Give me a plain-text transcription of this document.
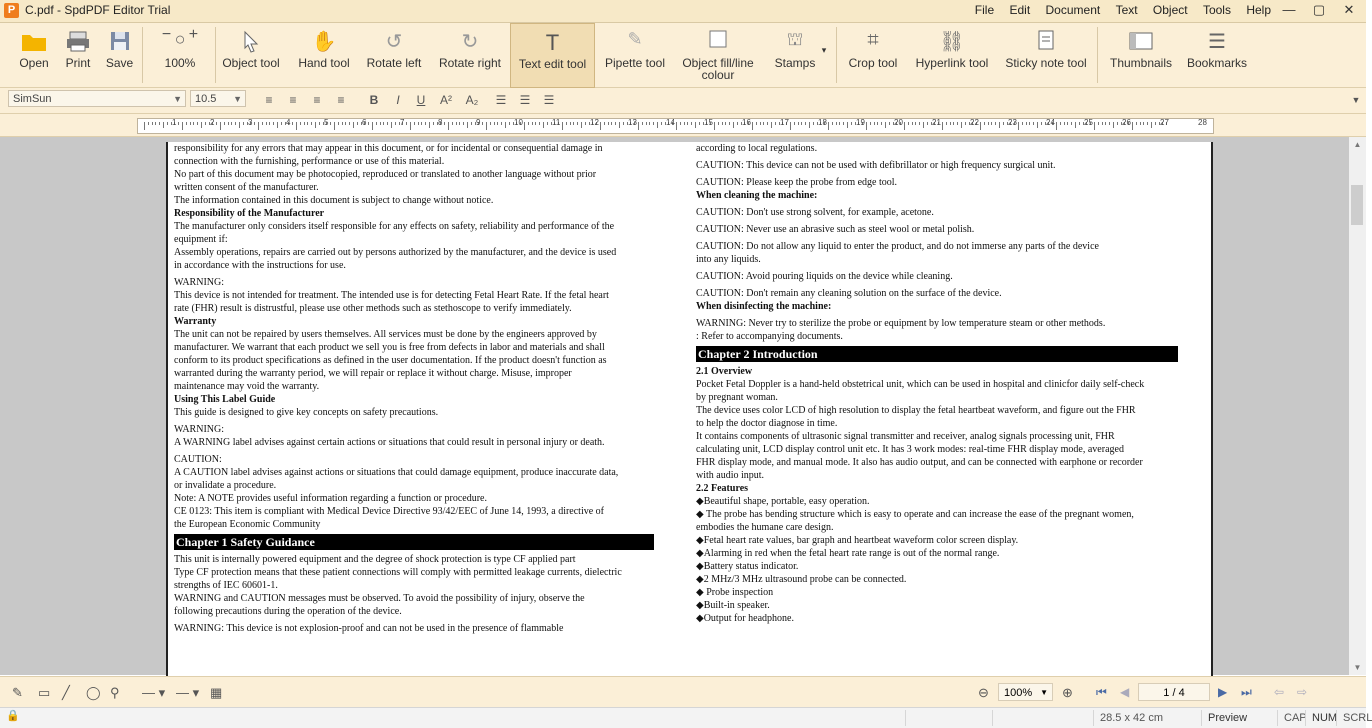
P C.pdf - SpdPDF Editor Trial	File Edit Document Text Object Tools Help —	▢	✕
Open	Print	Save
− ○ +
100%	Object tool
✋
Hand tool
↺
Rotate left
↻
Rotate right
T
Text edit tool
✎
Pipette tool Object fill/line
colour
⛫
Stamps
▾	⌗
Crop tool
⛓
Hyperlink tool	Sticky note tool Thumbnails
☰
Bookmarks
SimSun	▼	10.5 ▼	≡	≡	≡	≡	B	I	U	A²	A₂	☰	☰	☰	▼
1	2	3	4	5	6	7	8	9	10	11	12	13	14	15	16	17	18	19	20	21	22	23	24	25	26	27	28

responsibility for any errors that may appear in this document, or for incidental or consequential damage in

connection with the furnishing, performance or use of this material.

No part of this document may be photocopied, reproduced or translated to another language without prior

written consent of the manufacturer.

The information contained in this document is subject to change without notice.

Responsibility of the Manufacturer

The manufacturer only considers itself responsible for any effects on safety, reliability and performance of the

equipment if:

Assembly operations, repairs are carried out by persons authorized by the manufacturer, and the device is used

in accordance with the instructions for use.

WARNING:

This device is not intended for treatment. The intended use is for detecting Fetal Heart Rate. If the fetal heart

rate (FHR) result is distrustful, please use other methods such as stethoscope to verify immediately.

Warranty

The unit can not be repaired by users themselves. All services must be done by the engineers approved by

manufacturer. We warrant that each product we sell you is free from defects in labor and materials and shall

conform to its product specifications as defined in the user documentation. If the product doesn't function as

warranted during the warranty period, we will repair or replace it without charge. Misuse, improper

maintenance may void the warranty.

Using This Label Guide

This guide is designed to give key concepts on safety precautions.

WARNING:

A WARNING label advises against certain actions or situations that could result in personal injury or death.

CAUTION:

A CAUTION label advises against actions or situations that could damage equipment, produce inaccurate data,

or invalidate a procedure.

Note: A NOTE provides useful information regarding a function or procedure.

CE 0123: This item is compliant with Medical Device Directive 93/42/EEC of June 14, 1993, a directive of

the European Economic Community

Chapter 1 Safety Guidance

This unit is internally powered equipment and the degree of shock protection is type CF applied part

Type CF protection means that these patient connections will comply with permitted leakage currents, dielectric

strengths of IEC 60601-1.

WARNING and CAUTION messages must be observed. To avoid the possibility of injury, observe the

following precautions during the operation of the device.

WARNING: This device is not explosion-proof and can not be used in the presence of flammable

according to local regulations.

CAUTION: This device can not be used with defibrillator or high frequency surgical unit.

CAUTION: Please keep the probe from edge tool.

When cleaning the machine:

CAUTION: Don't use strong solvent, for example, acetone.

CAUTION: Never use an abrasive such as steel wool or metal polish.

CAUTION: Do not allow any liquid to enter the product, and do not immerse any parts of the device

into any liquids.

CAUTION: Avoid pouring liquids on the device while cleaning.

CAUTION: Don't remain any cleaning solution on the surface of the device.

When disinfecting the machine:

WARNING: Never try to sterilize the probe or equipment by low temperature steam or other methods.

: Refer to accompanying documents.

Chapter 2 Introduction

2.1 Overview

Pocket Fetal Doppler is a hand-held obstetrical unit, which can be used in hospital and clinicfor daily self-check

by pregnant woman.

The device uses color LCD of high resolution to display the fetal heartbeat waveform, and figure out the FHR

to help the doctor diagnose in time.

It contains components of ultrasonic signal transmitter and receiver, analog signals processing unit, FHR

calculating unit, LCD display control unit etc. It has 3 work modes: real-time FHR display mode, averaged

FHR display mode, and manual mode. It also has audio output, and can be connected with earphone or recorder

with audio input.

2.2 Features

◆Beautiful shape, portable, easy operation.

◆ The probe has bending structure which is easy to operate and can increase the ease of the pregnant women,

embodies the humane care design.

◆Fetal heart rate values, bar graph and heartbeat waveform color screen display.

◆Alarming in red when the fetal heart rate range is out of the normal range.

◆Battery status indicator.

◆2 MHz/3 MHz ultrasound probe can be connected.

◆ Probe inspection

◆Built-in speaker.

◆Output for headphone.

▲
▼
✎ ▭ ╱ ◯ ⚲ — ▾ — ▾ ▦	⊖	100% ▼ ⊕ ⏮ ◀	1 / 4	▶ ⏭ ⇦ ⇨
🔒	28.5 x 42 cm	Preview	CAP NUM SCRL
